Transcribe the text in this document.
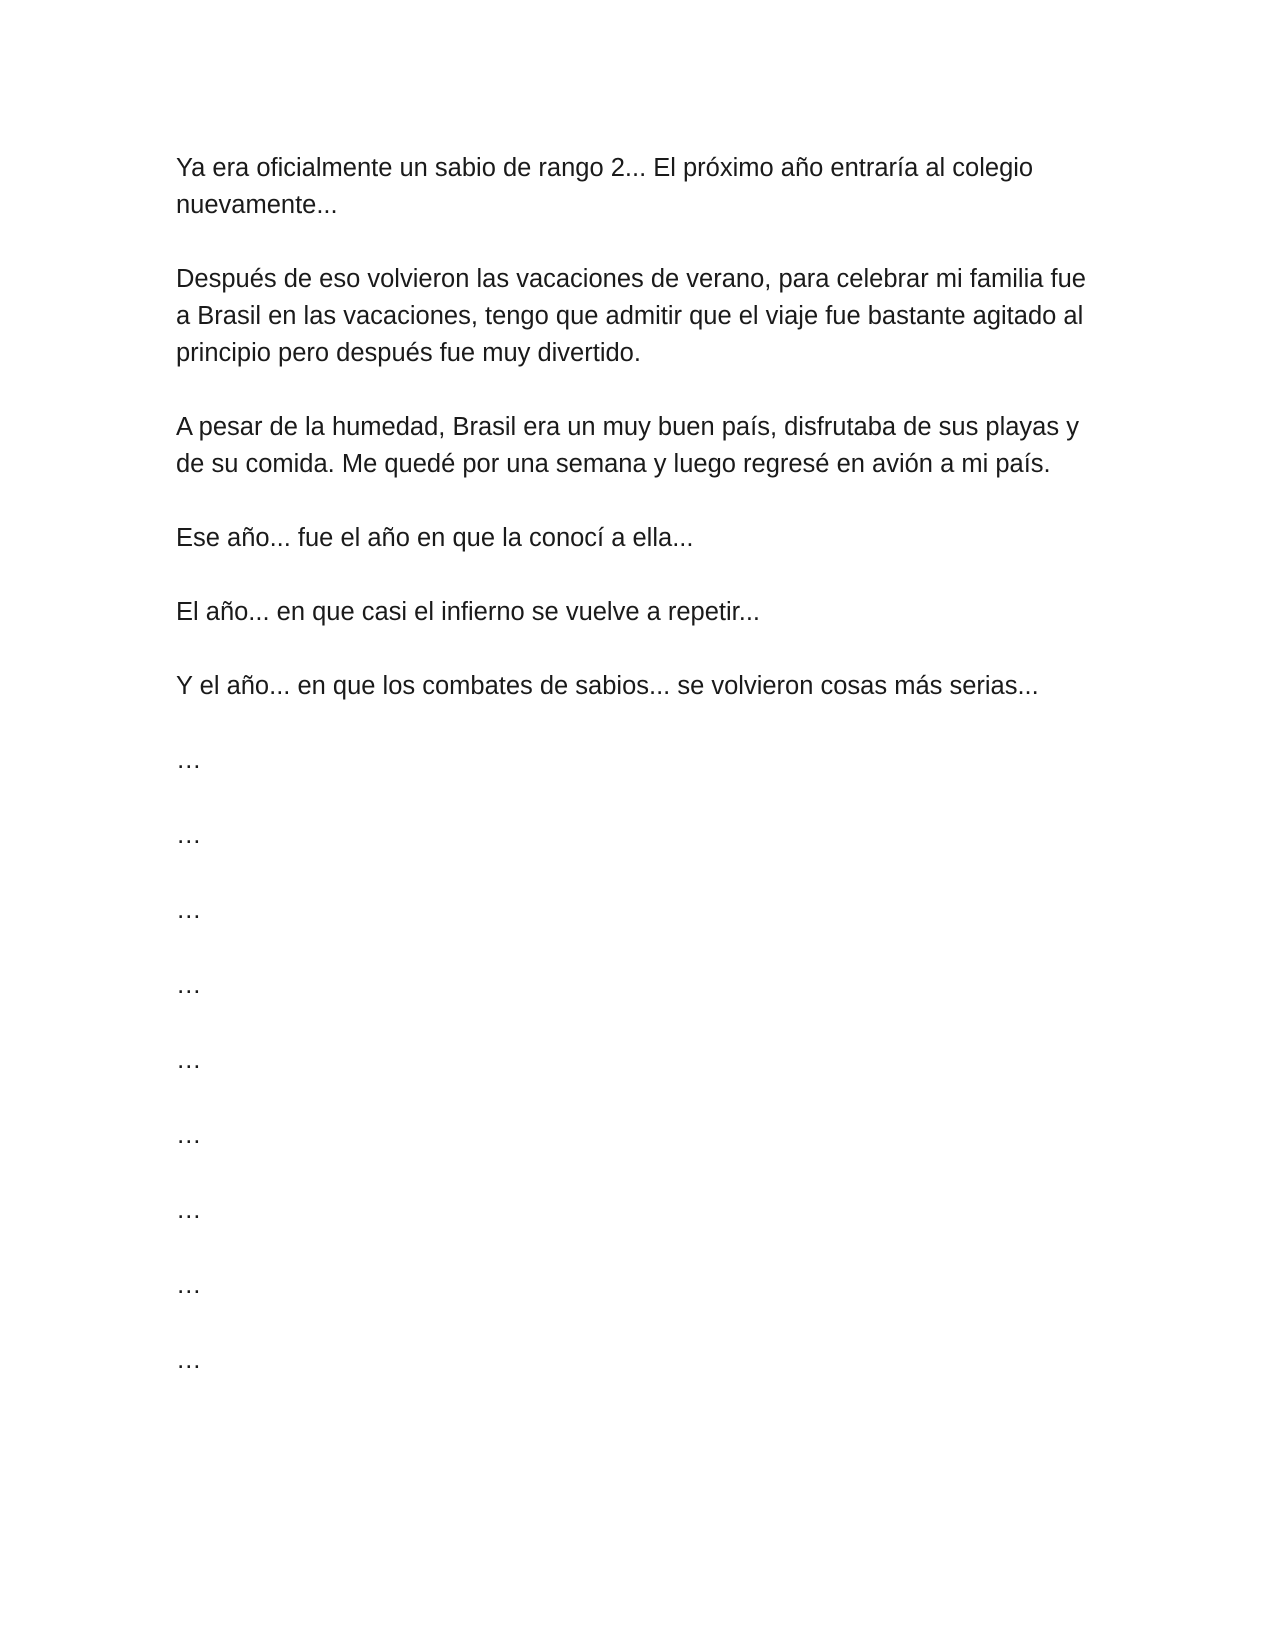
Ya era oficialmente un sabio de rango 2... El próximo año entraría al colegio nuevamente...

Después de eso volvieron las vacaciones de verano, para celebrar mi familia fue a Brasil en las vacaciones, tengo que admitir que el viaje fue bastante agitado al principio pero después fue muy divertido.

A pesar de la humedad, Brasil era un muy buen país, disfrutaba de sus playas y de su comida. Me quedé por una semana y luego regresé en avión a mi país.

Ese año... fue el año en que la conocí a ella...

El año... en que casi el infierno se vuelve a repetir...

Y el año... en que los combates de sabios... se volvieron cosas más serias...

…

…

…

…

…

…

…

…

…
